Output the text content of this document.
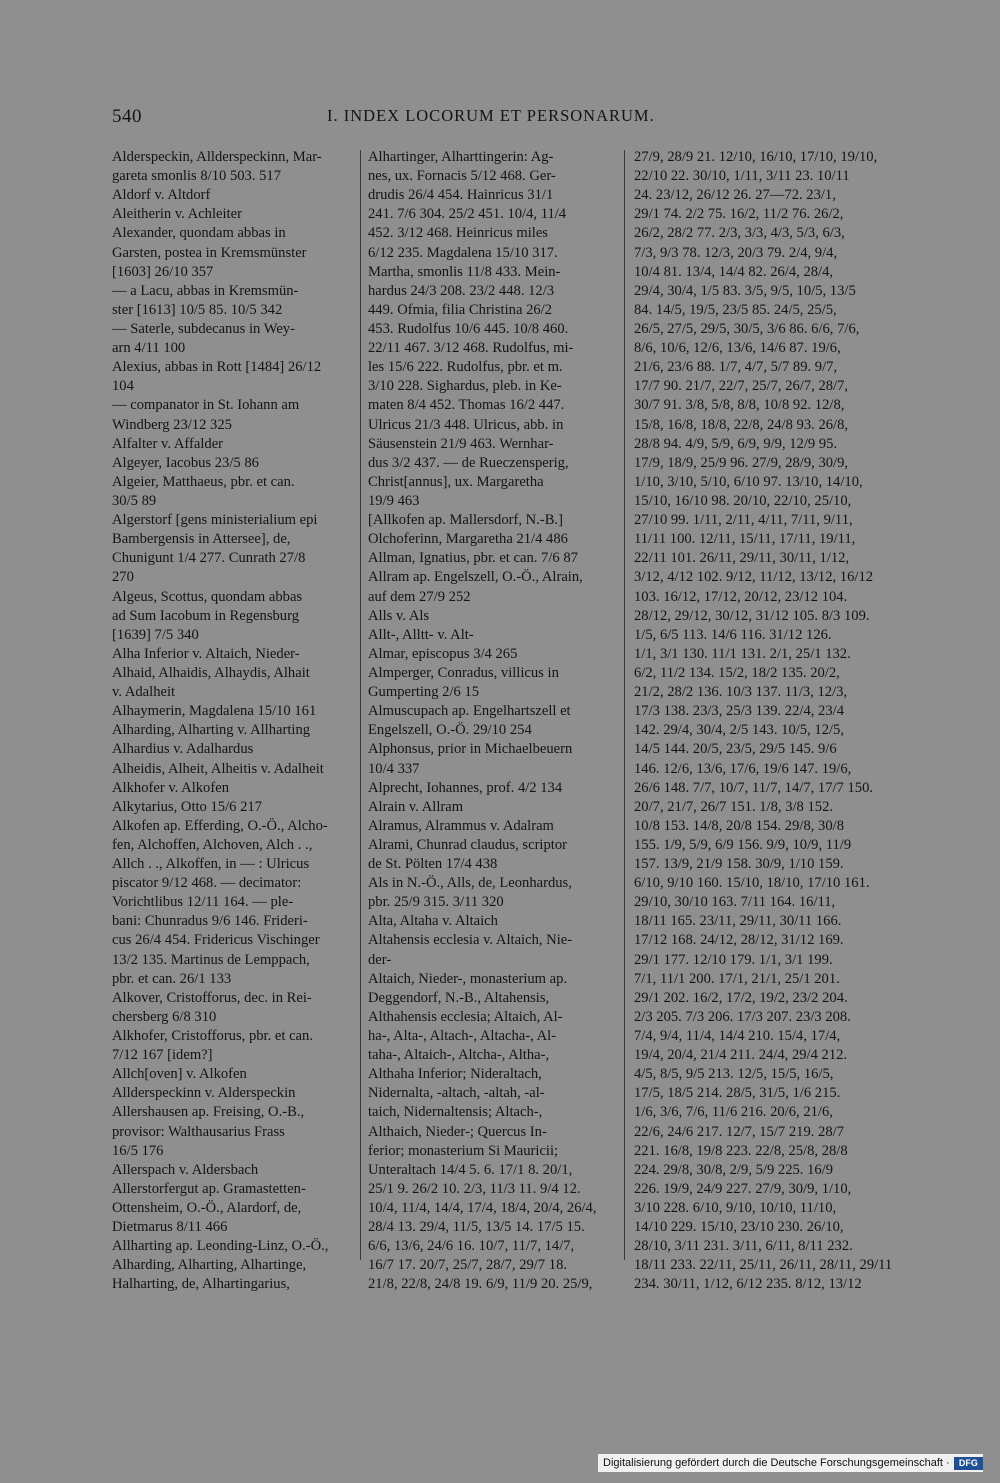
540	I. INDEX LOCORUM ET PERSONARUM.
Alderspeckin, Allderspeckinn, Mar-
gareta smonlis 8/10 503. 517
Aldorf v. Altdorf
Aleitherin v. Achleiter
Alexander, quondam abbas in
Garsten, postea in Kremsmünster
[1603] 26/10 357
— a Lacu, abbas in Kremsmün-
ster [1613] 10/5 85. 10/5 342
— Saterle, subdecanus in Wey-
arn 4/11 100
Alexius, abbas in Rott [1484] 26/12
104
— companator in St. Iohann am
Windberg 23/12 325
Alfalter v. Affalder
Algeyer, Iacobus 23/5 86
Algeier, Matthaeus, pbr. et can.
30/5 89
Algerstorf [gens ministerialium epi
Bambergensis in Attersee], de,
Chunigunt 1/4 277. Cunrath 27/8
270
Algeus, Scottus, quondam abbas
ad Sum Iacobum in Regensburg
[1639] 7/5 340
Alha Inferior v. Altaich, Nieder-
Alhaid, Alhaidis, Alhaydis, Alhait
v. Adalheit
Alhaymerin, Magdalena 15/10 161
Alharding, Alharting v. Allharting
Alhardius v. Adalhardus
Alheidis, Alheit, Alheitis v. Adalheit
Alkhofer v. Alkofen
Alkytarius, Otto 15/6 217
Alkofen ap. Efferding, O.-Ö., Alcho-
fen, Alchoffen, Alchoven, Alch . .,
Allch . ., Alkoffen, in — : Ulricus
piscator 9/12 468. — decimator:
Vorichtlibus 12/11 164. — ple-
bani: Chunradus 9/6 146. Frideri-
cus 26/4 454. Fridericus Vischinger
13/2 135. Martinus de Lemppach,
pbr. et can. 26/1 133
Alkover, Cristofforus, dec. in Rei-
chersberg 6/8 310
Alkhofer, Cristofforus, pbr. et can.
7/12 167 [idem?]
Allch[oven] v. Alkofen
Allderspeckinn v. Alderspeckin
Allershausen ap. Freising, O.-B.,
provisor: Walthausarius Frass
16/5 176
Allerspach v. Aldersbach
Allerstorfergut ap. Gramastetten-
Ottensheim, O.-Ö., Alardorf, de,
Dietmarus 8/11 466
Allharting ap. Leonding-Linz, O.-Ö.,
Alharding, Alharting, Alhartinge,
Halharting, de, Alhartingarius,
Alhartinger, Alharttingerin: Ag-
nes, ux. Fornacis 5/12 468. Ger-
drudis 26/4 454. Hainricus 31/1
241. 7/6 304. 25/2 451. 10/4, 11/4
452. 3/12 468. Heinricus miles
6/12 235. Magdalena 15/10 317.
Martha, smonlis 11/8 433. Mein-
hardus 24/3 208. 23/2 448. 12/3
449. Ofmia, filia Christina 26/2
453. Rudolfus 10/6 445. 10/8 460.
22/11 467. 3/12 468. Rudolfus, mi-
les 15/6 222. Rudolfus, pbr. et m.
3/10 228. Sighardus, pleb. in Ke-
maten 8/4 452. Thomas 16/2 447.
Ulricus 21/3 448. Ulricus, abb. in
Säusenstein 21/9 463. Wernhar-
dus 3/2 437. — de Rueczensperig,
Christ[annus], ux. Margaretha
19/9 463
[Allkofen ap. Mallersdorf, N.-B.]
Olchoferinn, Margaretha 21/4 486
Allman, Ignatius, pbr. et can. 7/6 87
Allram ap. Engelszell, O.-Ö., Alrain,
auf dem 27/9 252
Alls v. Als
Allt-, Alltt- v. Alt-
Almar, episcopus 3/4 265
Almperger, Conradus, villicus in
Gumperting 2/6 15
Almuscupach ap. Engelhartszell et
Engelszell, O.-Ö. 29/10 254
Alphonsus, prior in Michaelbeuern
10/4 337
Alprecht, Iohannes, prof. 4/2 134
Alrain v. Allram
Alramus, Alrammus v. Adalram
Alrami, Chunrad claudus, scriptor
de St. Pölten 17/4 438
Als in N.-Ö., Alls, de, Leonhardus,
pbr. 25/9 315. 3/11 320
Alta, Altaha v. Altaich
Altahensis ecclesia v. Altaich, Nie-
der-
Altaich, Nieder-, monasterium ap.
Deggendorf, N.-B., Altahensis,
Althahensis ecclesia; Altaich, Al-
ha-, Alta-, Altach-, Altacha-, Al-
taha-, Altaich-, Altcha-, Altha-,
Althaha Inferior; Nideraltach,
Nidernalta, -altach, -altah, -al-
taich, Nidernaltensis; Altach-,
Althaich, Nieder-; Quercus In-
ferior; monasterium Si Mauricii;
Unteraltach 14/4 5. 6. 17/1 8. 20/1,
25/1 9. 26/2 10. 2/3, 11/3 11. 9/4 12.
10/4, 11/4, 14/4, 17/4, 18/4, 20/4, 26/4,
28/4 13. 29/4, 11/5, 13/5 14. 17/5 15.
6/6, 13/6, 24/6 16. 10/7, 11/7, 14/7,
16/7 17. 20/7, 25/7, 28/7, 29/7 18.
21/8, 22/8, 24/8 19. 6/9, 11/9 20. 25/9,
27/9, 28/9 21. 12/10, 16/10, 17/10, 19/10,
22/10 22. 30/10, 1/11, 3/11 23. 10/11
24. 23/12, 26/12 26. 27—72. 23/1,
29/1 74. 2/2 75. 16/2, 11/2 76. 26/2,
26/2, 28/2 77. 2/3, 3/3, 4/3, 5/3, 6/3,
7/3, 9/3 78. 12/3, 20/3 79. 2/4, 9/4,
10/4 81. 13/4, 14/4 82. 26/4, 28/4,
29/4, 30/4, 1/5 83. 3/5, 9/5, 10/5, 13/5
84. 14/5, 19/5, 23/5 85. 24/5, 25/5,
26/5, 27/5, 29/5, 30/5, 3/6 86. 6/6, 7/6,
8/6, 10/6, 12/6, 13/6, 14/6 87. 19/6,
21/6, 23/6 88. 1/7, 4/7, 5/7 89. 9/7,
17/7 90. 21/7, 22/7, 25/7, 26/7, 28/7,
30/7 91. 3/8, 5/8, 8/8, 10/8 92. 12/8,
15/8, 16/8, 18/8, 22/8, 24/8 93. 26/8,
28/8 94. 4/9, 5/9, 6/9, 9/9, 12/9 95.
17/9, 18/9, 25/9 96. 27/9, 28/9, 30/9,
1/10, 3/10, 5/10, 6/10 97. 13/10, 14/10,
15/10, 16/10 98. 20/10, 22/10, 25/10,
27/10 99. 1/11, 2/11, 4/11, 7/11, 9/11,
11/11 100. 12/11, 15/11, 17/11, 19/11,
22/11 101. 26/11, 29/11, 30/11, 1/12,
3/12, 4/12 102. 9/12, 11/12, 13/12, 16/12
103. 16/12, 17/12, 20/12, 23/12 104.
28/12, 29/12, 30/12, 31/12 105. 8/3 109.
1/5, 6/5 113. 14/6 116. 31/12 126.
1/1, 3/1 130. 11/1 131. 2/1, 25/1 132.
6/2, 11/2 134. 15/2, 18/2 135. 20/2,
21/2, 28/2 136. 10/3 137. 11/3, 12/3,
17/3 138. 23/3, 25/3 139. 22/4, 23/4
142. 29/4, 30/4, 2/5 143. 10/5, 12/5,
14/5 144. 20/5, 23/5, 29/5 145. 9/6
146. 12/6, 13/6, 17/6, 19/6 147. 19/6,
26/6 148. 7/7, 10/7, 11/7, 14/7, 17/7 150.
20/7, 21/7, 26/7 151. 1/8, 3/8 152.
10/8 153. 14/8, 20/8 154. 29/8, 30/8
155. 1/9, 5/9, 6/9 156. 9/9, 10/9, 11/9
157. 13/9, 21/9 158. 30/9, 1/10 159.
6/10, 9/10 160. 15/10, 18/10, 17/10 161.
29/10, 30/10 163. 7/11 164. 16/11,
18/11 165. 23/11, 29/11, 30/11 166.
17/12 168. 24/12, 28/12, 31/12 169.
29/1 177. 12/10 179. 1/1, 3/1 199.
7/1, 11/1 200. 17/1, 21/1, 25/1 201.
29/1 202. 16/2, 17/2, 19/2, 23/2 204.
2/3 205. 7/3 206. 17/3 207. 23/3 208.
7/4, 9/4, 11/4, 14/4 210. 15/4, 17/4,
19/4, 20/4, 21/4 211. 24/4, 29/4 212.
4/5, 8/5, 9/5 213. 12/5, 15/5, 16/5,
17/5, 18/5 214. 28/5, 31/5, 1/6 215.
1/6, 3/6, 7/6, 11/6 216. 20/6, 21/6,
22/6, 24/6 217. 12/7, 15/7 219. 28/7
221. 16/8, 19/8 223. 22/8, 25/8, 28/8
224. 29/8, 30/8, 2/9, 5/9 225. 16/9
226. 19/9, 24/9 227. 27/9, 30/9, 1/10,
3/10 228. 6/10, 9/10, 10/10, 11/10,
14/10 229. 15/10, 23/10 230. 26/10,
28/10, 3/11 231. 3/11, 6/11, 8/11 232.
18/11 233. 22/11, 25/11, 26/11, 28/11, 29/11
234. 30/11, 1/12, 6/12 235. 8/12, 13/12
Digitalisierung gefördert durch die Deutsche Forschungsgemeinschaft ·	DFG
